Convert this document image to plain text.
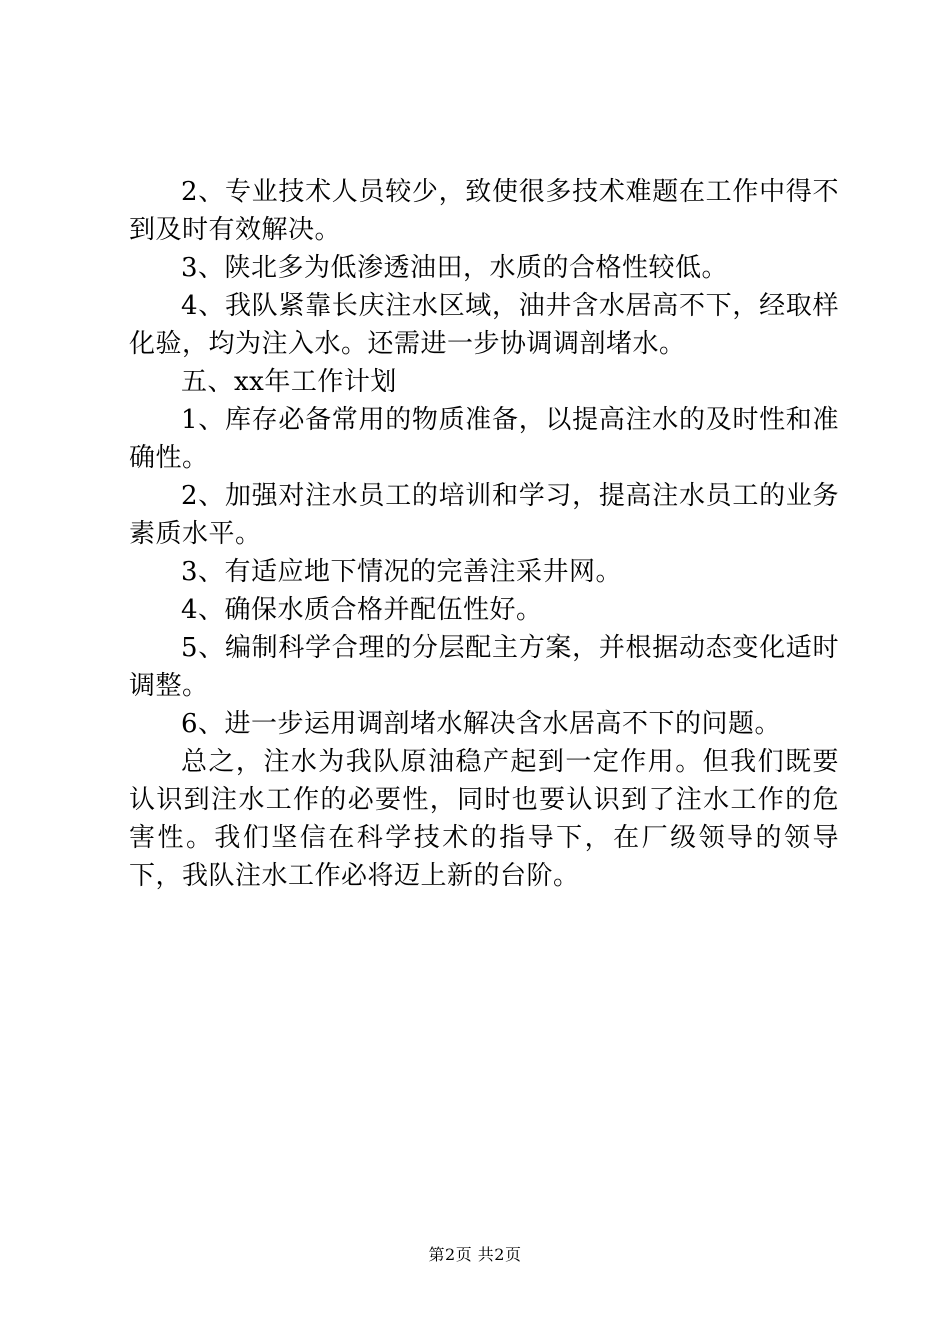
2、专业技术人员较少，致使很多技术难题在工作中得不到及时有效解决。

3、陕北多为低渗透油田，水质的合格性较低。

4、我队紧靠长庆注水区域，油井含水居高不下，经取样化验，均为注入水。还需进一步协调调剖堵水。

五、xx年工作计划

1、库存必备常用的物质准备，以提高注水的及时性和准确性。

2、加强对注水员工的培训和学习，提高注水员工的业务素质水平。

3、有适应地下情况的完善注采井网。

4、确保水质合格并配伍性好。

5、编制科学合理的分层配主方案，并根据动态变化适时调整。

6、进一步运用调剖堵水解决含水居高不下的问题。

总之，注水为我队原油稳产起到一定作用。但我们既要认识到注水工作的必要性，同时也要认识到了注水工作的危害性。我们坚信在科学技术的指导下，在厂级领导的领导下，我队注水工作必将迈上新的台阶。

第2页 共2页
